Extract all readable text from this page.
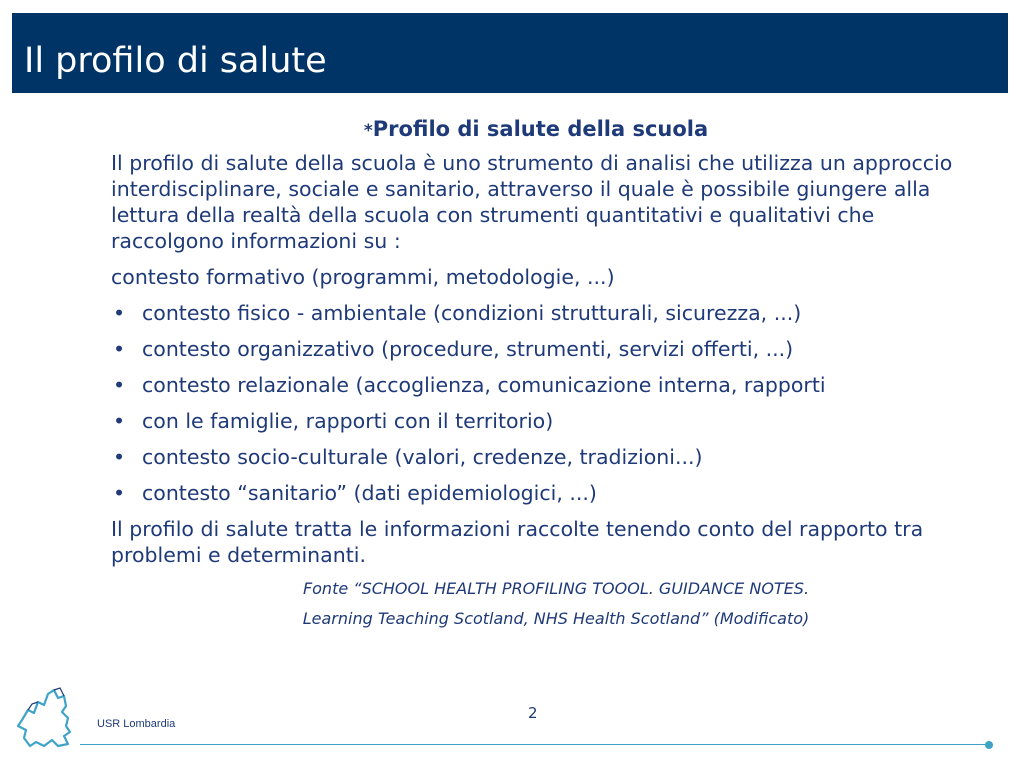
Il profilo di salute
*Profilo di salute della scuola

Il profilo di salute della scuola è uno strumento di analisi che utilizza un approccio interdisciplinare, sociale e sanitario, attraverso il quale è possibile giungere alla lettura della realtà della scuola con strumenti quantitativi e qualitativi che raccolgono informazioni su :

contesto formativo (programmi, metodologie, ...)

• contesto fisico - ambientale (condizioni strutturali, sicurezza, ...)
• contesto organizzativo (procedure, strumenti, servizi offerti, ...)
• contesto relazionale (accoglienza, comunicazione interna, rapporti
• con le famiglie, rapporti con il territorio)
• contesto socio-culturale (valori, credenze, tradizioni...)
• contesto “sanitario” (dati epidemiologici, ...)

Il profilo di salute tratta le informazioni raccolte tenendo conto del rapporto tra problemi e determinanti.

Fonte “SCHOOL HEALTH PROFILING TOOOL. GUIDANCE NOTES.

Learning Teaching Scotland, NHS Health Scotland” (Modificato)

USR Lombardia
2
